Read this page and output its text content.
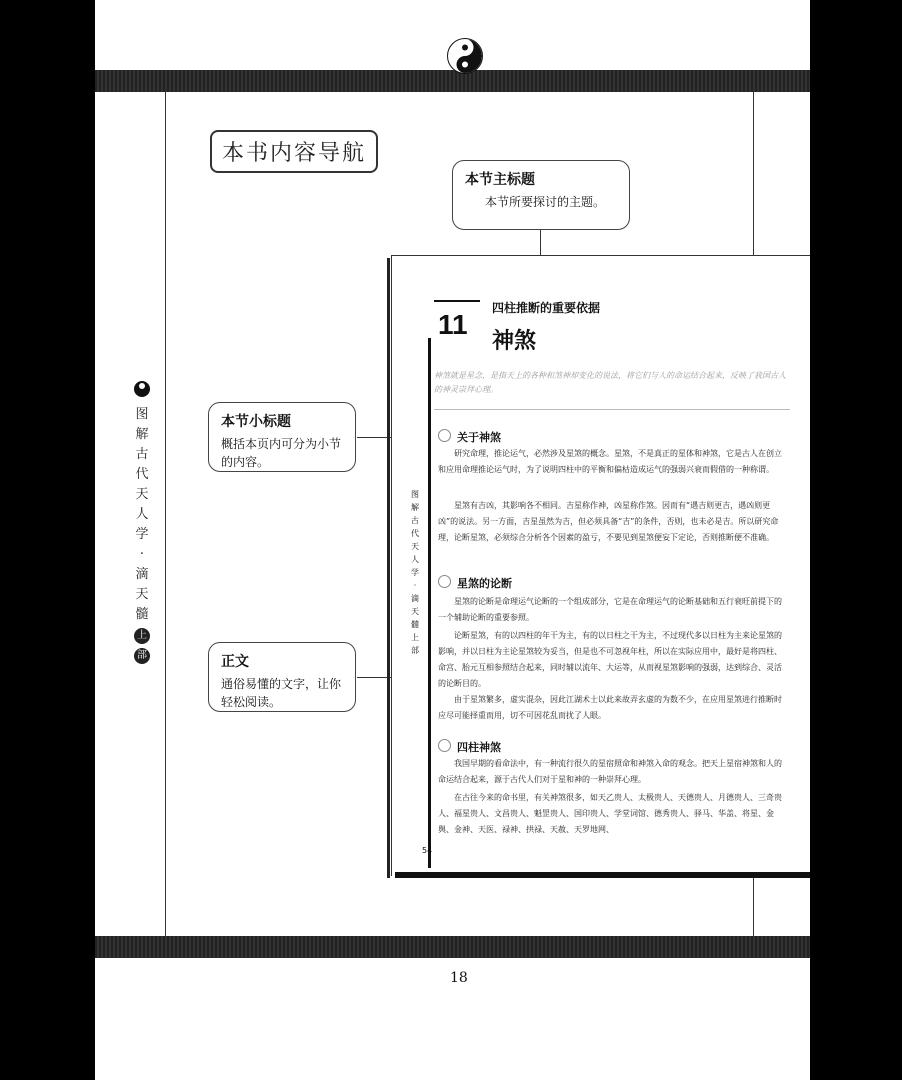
本书内容导航
图
解
古
代
天
人
学
·
滴
天
髓
上
部
本节主标题
本节所要探讨的主题。
本节小标题
概括本页内可分为小节的内容。
正文
通俗易懂的文字，让你轻松阅读。
11
四柱推断的重要依据
神煞
神煞就是星念，是指天上的各种和煞神却变化的说法，将它们与人的命运结合起来，反映了我国古人的神灵崇拜心理。
图
解
古
代
天
人
学
·
滴
天
髓
上部
关于神煞
研究命理，推论运气，必然涉及星煞的概念。星煞，不是真正的星体和神煞，它是古人在创立和应用命理推论运气时，为了说明四柱中的平衡和偏枯造成运气的强弱兴衰而假借的一种称谓。
星煞有吉凶，其影响各不相同。吉星称作神，凶星称作煞。因而有“遇吉则更吉，遇凶则更凶”的说法。另一方面，吉星虽然为吉，但必须具备“吉”的条件，否则，也未必是吉。所以研究命理，论断星煞，必须综合分析各个因素的盈亏，不要见到星煞便妄下定论，否则推断便不准确。
星煞的论断
星煞的论断是命理运气论断的一个组成部分，它是在命理运气的论断基础和五行衰旺前提下的一个辅助论断的重要参照。
论断星煞，有的以四柱的年干为主，有的以日柱之干为主，不过现代多以日柱为主来论星煞的影响，并以日柱为主论星煞较为妥当，但是也不可忽视年柱，所以在实际应用中，最好是将四柱、命宫、胎元互相参照结合起来，同时辅以流年、大运等，从而视星煞影响的强弱，达到综合、灵活的论断目的。
由于星煞繁多，虚实混杂，因此江湖术士以此来故弄玄虚的为数不少，在应用星煞进行推断时应尽可能择重而用，切不可因花乱而扰了人眼。
四柱神煞
我国早期的看命法中，有一种流行很久的星宿照命和神煞入命的观念。把天上星宿神煞和人的命运结合起来，源于古代人们对于星和神的一种崇拜心理。
在古往今来的命书里，有关神煞很多，如天乙贵人、太极贵人、天德贵人、月德贵人、三奇贵人、福星贵人、文昌贵人、魁罡贵人、国印贵人、学堂词馆、德秀贵人、驿马、华盖、将星、金舆、金神、天医、禄神、拱禄、天赦、天罗地网、
54
18
